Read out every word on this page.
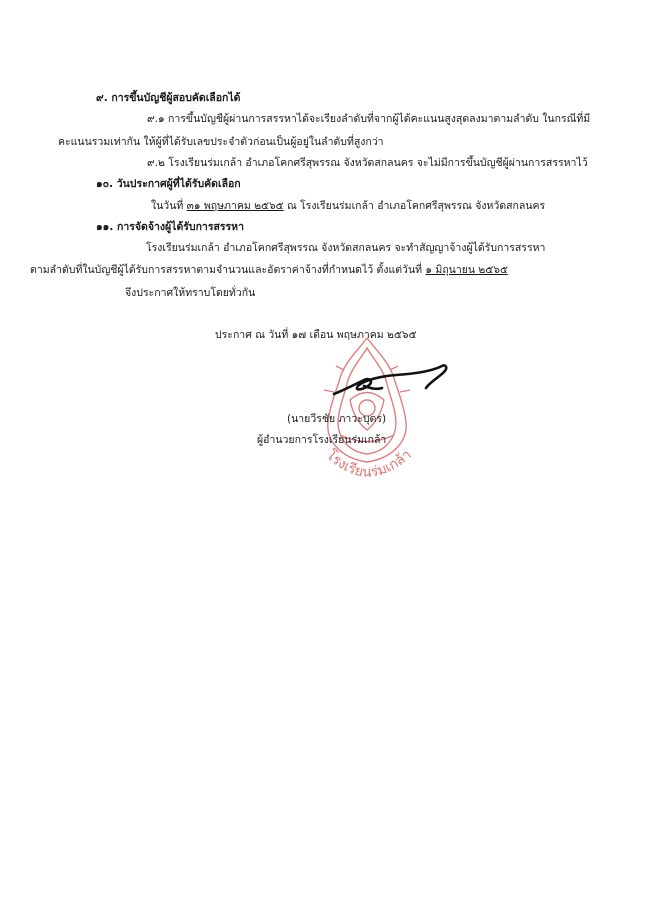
๙. การขึ้นบัญชีผู้สอบคัดเลือกได้
๙.๑ การขึ้นบัญชีผู้ผ่านการสรรหาได้จะเรียงลำดับที่จากผู้ได้คะแนนสูงสุดลงมาตามลำดับ ในกรณีที่มี
คะแนนรวมเท่ากัน ให้ผู้ที่ได้รับเลขประจำตัวก่อนเป็นผู้อยู่ในลำดับที่สูงกว่า
๙.๒ โรงเรียนร่มเกล้า อำเภอโคกศรีสุพรรณ จังหวัดสกลนคร จะไม่มีการขึ้นบัญชีผู้ผ่านการสรรหาไว้
๑๐. วันประกาศผู้ที่ได้รับคัดเลือก
ในวันที่ ๓๑ พฤษภาคม ๒๕๖๕ ณ โรงเรียนร่มเกล้า อำเภอโคกศรีสุพรรณ จังหวัดสกลนคร
๑๑. การจัดจ้างผู้ได้รับการสรรหา
โรงเรียนร่มเกล้า อำเภอโคกศรีสุพรรณ จังหวัดสกลนคร จะทำสัญญาจ้างผู้ได้รับการสรรหา
ตามลำดับที่ในบัญชีผู้ได้รับการสรรหาตามจำนวนและอัตราค่าจ้างที่กำหนดไว้ ตั้งแต่วันที่ ๑ มิถุนายน ๒๕๖๕
จึงประกาศให้ทราบโดยทั่วกัน
ประกาศ ณ วันที่ ๑๗ เดือน พฤษภาคม ๒๕๖๕
โรงเรียนร่มเกล้า
(นายวีรชัย ภาวะบุตร)
ผู้อำนวยการโรงเรียนร่มเกล้า
